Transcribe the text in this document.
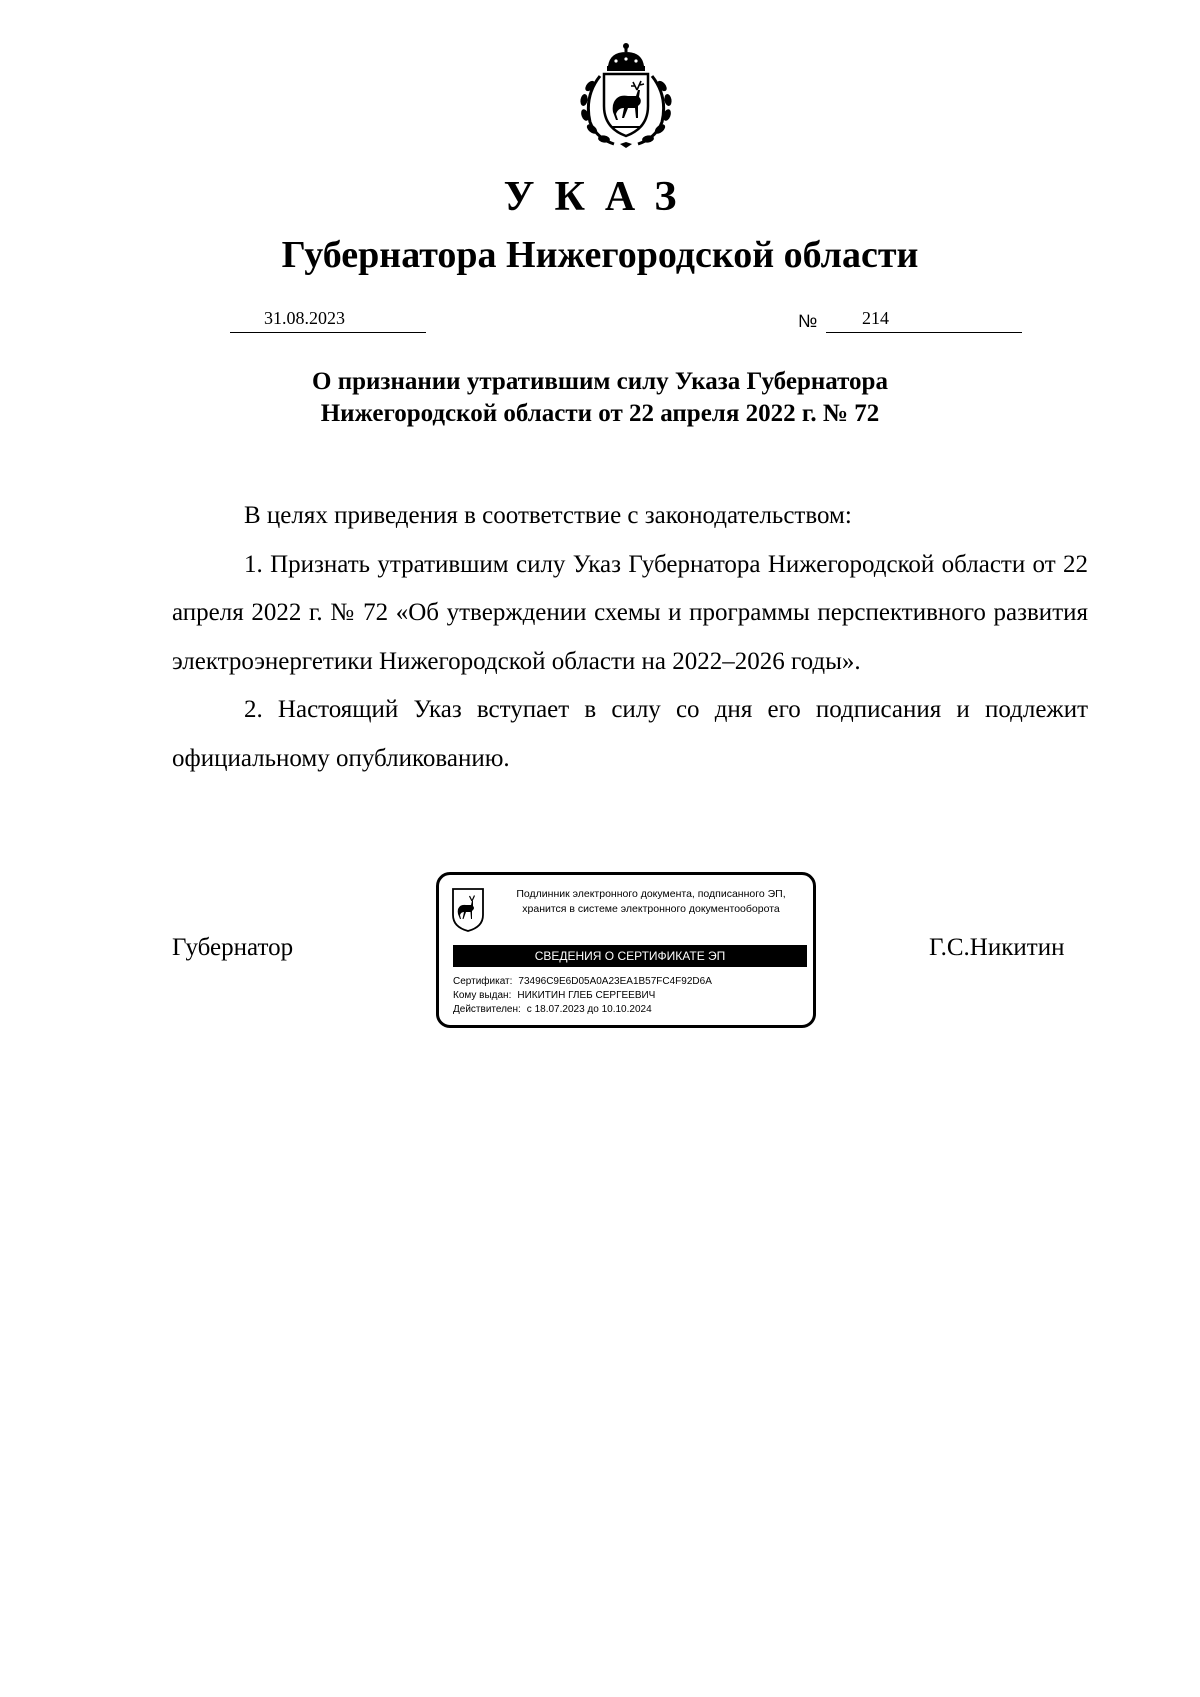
УКАЗ
Губернатора Нижегородской области
31.08.2023	№ 214
О признании утратившим силу Указа Губернатора
Нижегородской области от 22 апреля 2022 г. № 72

В целях приведения в соответствие с законодательством:

1. Признать утратившим силу Указ Губернатора Нижегородской области от 22 апреля 2022 г. № 72 «Об утверждении схемы и программы перспективного развития электроэнергетики Нижегородской области на 2022–2026 годы».

2. Настоящий Указ вступает в силу со дня его подписания и подлежит официальному опубликованию.

Губернатор	Г.С.Никитин
Подлинник электронного документа, подписанного ЭП,
хранится в системе электронного документооборота
СВЕДЕНИЯ О СЕРТИФИКАТЕ ЭП
Сертификат: 73496C9E6D05A0A23EA1B57FC4F92D6A
Кому выдан: НИКИТИН ГЛЕБ СЕРГЕЕВИЧ
Действителен: с 18.07.2023 до 10.10.2024
